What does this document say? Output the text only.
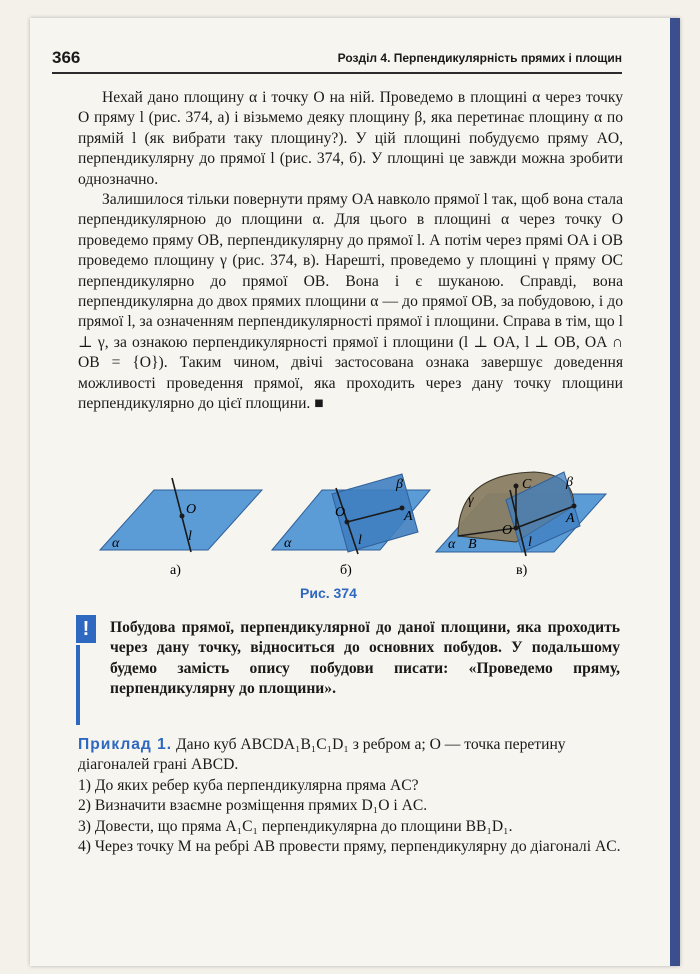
366	Розділ 4. Перпендикулярність прямих і площин
Нехай дано площину α і точку O на ній. Проведемо в площині α через точку O пряму l (рис. 374, а) і візьмемо деяку площину β, яка перетинає площину α по прямій l (як вибрати таку площину?). У цій площині побудуємо пряму AO, перпендикулярну до прямої l (рис. 374, б). У площині це завжди можна зробити однозначно.
Залишилося тільки повернути пряму OA навколо прямої l так, щоб вона стала перпендикулярною до площини α. Для цього в площині α через точку O проведемо пряму OB, перпендикулярну до прямої l. А потім через прямі OA і OB проведемо площину γ (рис. 374, в). Нарешті, проведемо у площині γ пряму OC перпендикулярно до прямої OB. Вона і є шуканою. Справді, вона перпендикулярна до двох прямих площини α — до прямої OB, за побудовою, і до прямої l, за означенням перпендикулярності прямої і площини. Справа в тім, що l ⊥ γ, за ознакою перпендикулярності прямої і площини (l ⊥ OA, l ⊥ OB, OA ∩ OB = {O}). Таким чином, двічі застосована ознака завершує доведення можливості проведення прямої, яка проходить через дану точку площини перпендикулярно до цієї площини. ■
O
l
α
а)
O	A
β
l
α
б)
C
A
O
B
γ
β
l
α
в)
Рис. 374
!	Побудова прямої, перпендикулярної до даної площини, яка проходить через дану точку, відноситься до основних побудов. У подальшому будемо замість опису побудови писати: «Проведемо пряму, перпендикулярну до площини».
Приклад 1. Дано куб ABCDA₁B₁C₁D₁ з ребром a; O — точка перетину діагоналей грані ABCD.
1) До яких ребер куба перпендикулярна пряма AC?
2) Визначити взаємне розміщення прямих D₁O і AC.
3) Довести, що пряма A₁C₁ перпендикулярна до площини BB₁D₁.
4) Через точку M на ребрі AB провести пряму, перпендикулярну до діагоналі AC.
